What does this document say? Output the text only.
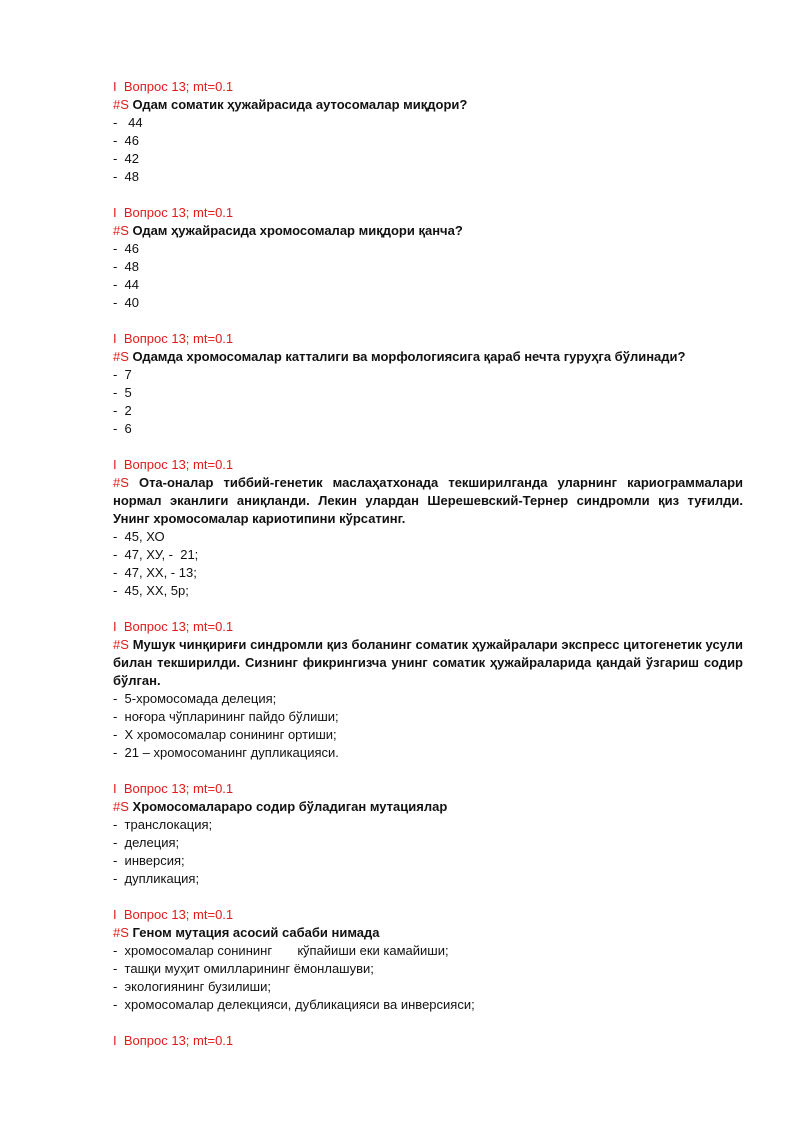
I  Вопрос 13; mt=0.1
#S Одам соматик ҳужайрасида аутосомалар миқдори?
-   44
-  46
-  42
-  48
I  Вопрос 13; mt=0.1
#S Одам ҳужайрасида хромосомалар миқдори қанча?
-  46
-  48
-  44
-  40
I  Вопрос 13; mt=0.1
#S Одамда хромосомалар катталиги ва морфологиясига қараб нечта гуруҳга бўлинади?
-  7
-  5
-  2
-  6
I  Вопрос 13; mt=0.1
#S Ота-оналар тиббий-генетик маслаҳатхонада текширилганда уларнинг кариограммалари нормал эканлиги аниқланди. Лекин улардан Шерешевский-Тернер синдромли қиз туғилди. Унинг хромосомалар кариотипини кўрсатинг.
-  45, ХО
-  47, ХУ, -  21;
-  47, ХХ, - 13;
-  45, ХХ, 5р;
I  Вопрос 13; mt=0.1
#S Мушук чинқириғи синдромли қиз боланинг соматик ҳужайралари экспресс цитогенетик усули билан текширилди. Сизнинг фикрингизча унинг соматик ҳужайраларида қандай ўзгариш содир бўлган.
-  5-хромосомада делеция;
-  ноғора чўпларининг пайдо бўлиши;
-  Х хромосомалар сонининг ортиши;
-  21 – хромосоманинг дупликацияси.
I  Вопрос 13; mt=0.1
#S Хромосомалараро содир бўладиган мутациялар
-  транслокация;
-  делеция;
-  инверсия;
-  дупликация;
I  Вопрос 13; mt=0.1
#S Геном мутация асосий сабаби нимада
-  хромосомалар сонининг       кўпайиши еки камайиши;
-  ташқи муҳит омилларининг ёмонлашуви;
-  экологиянинг бузилиши;
-  хромосомалар делекцияси, дубликацияси ва инверсияси;
I  Вопрос 13; mt=0.1
